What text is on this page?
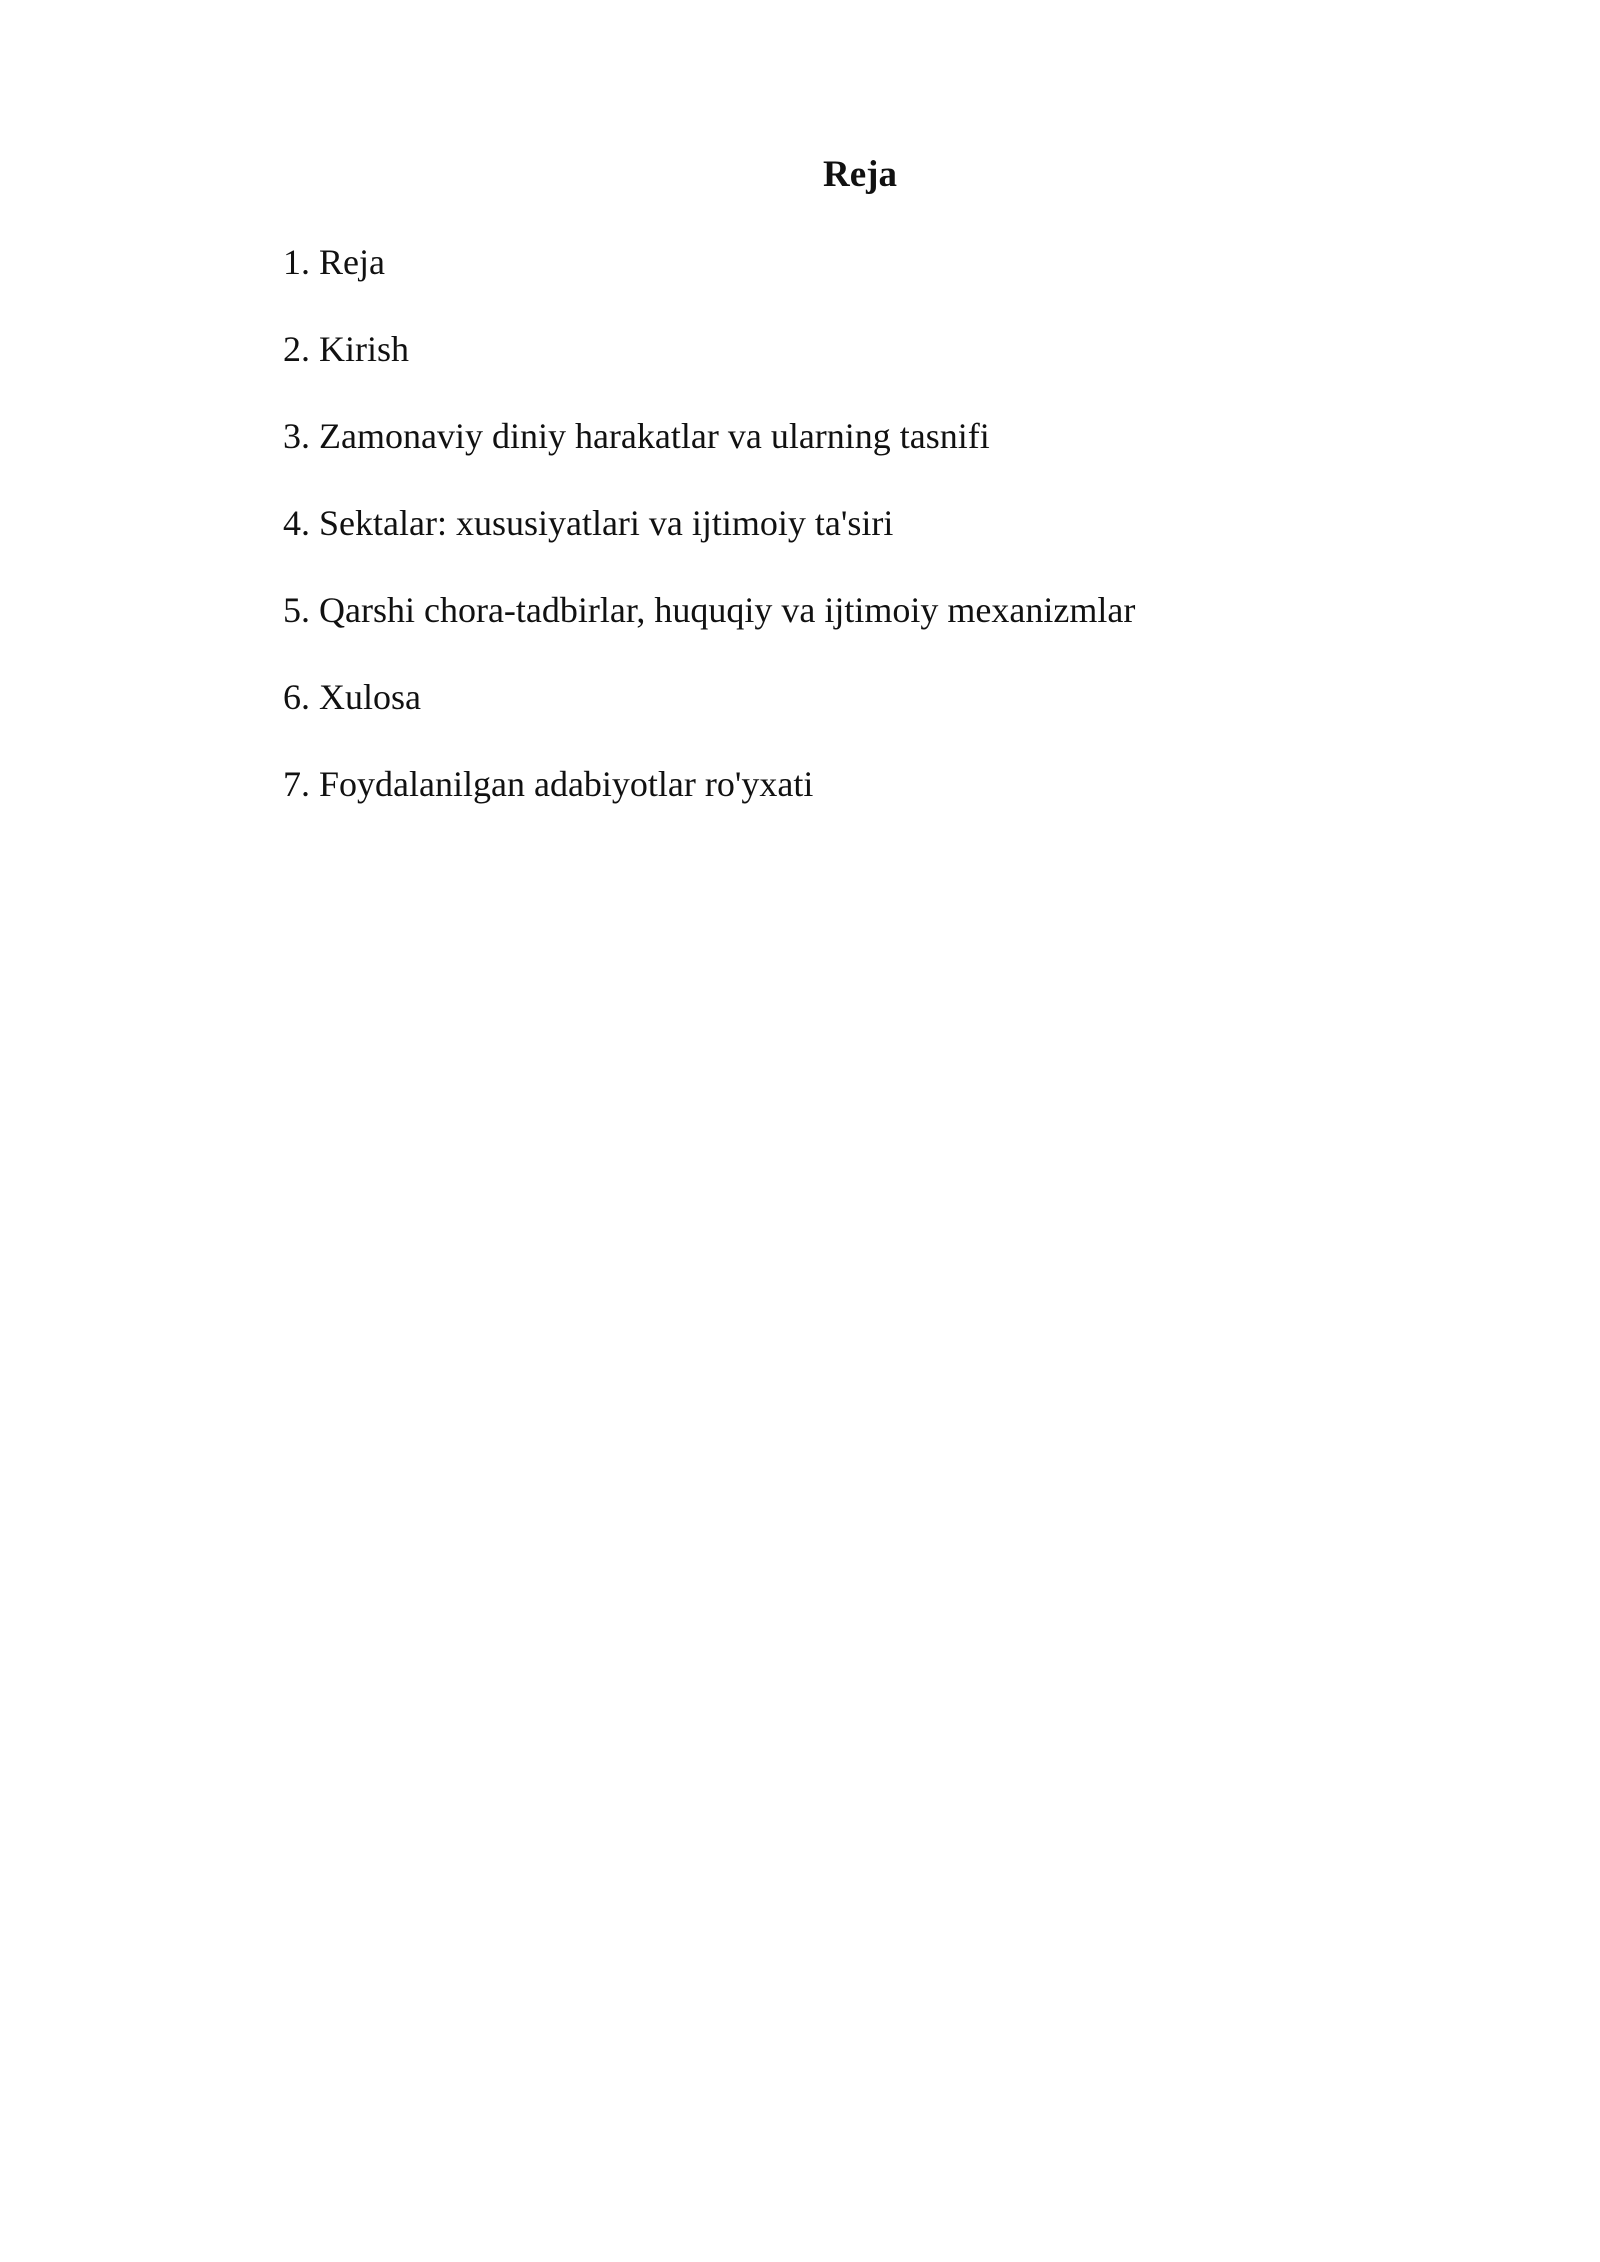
Reja
1. Reja
2. Kirish
3. Zamonaviy diniy harakatlar va ularning tasnifi
4. Sektalar: xususiyatlari va ijtimoiy ta'siri
5. Qarshi chora-tadbirlar, huquqiy va ijtimoiy mexanizmlar
6. Xulosa
7. Foydalanilgan adabiyotlar ro'yxati
